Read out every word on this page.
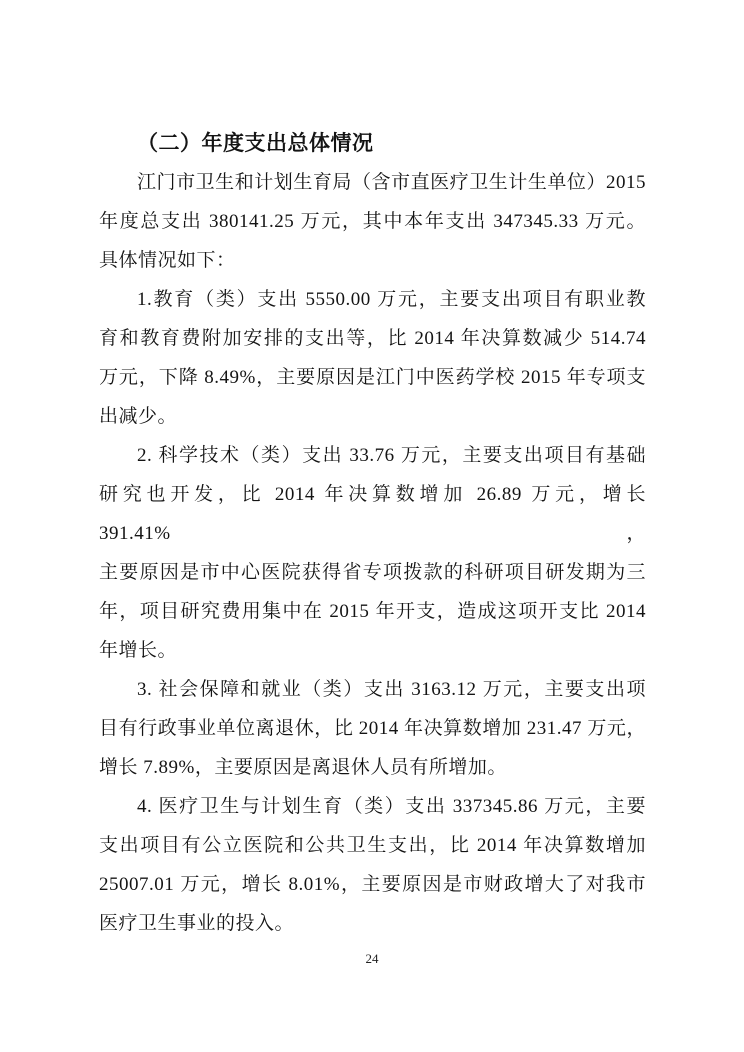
（二）年度支出总体情况
江门市卫生和计划生育局（含市直医疗卫生计生单位）2015
年度总支出 380141.25 万元，其中本年支出 347345.33 万元。
具体情况如下：
1.教育（类）支出 5550.00 万元，主要支出项目有职业教
育和教育费附加安排的支出等，比 2014 年决算数减少 514.74
万元，下降 8.49%，主要原因是江门中医药学校 2015 年专项支
出减少。
2. 科学技术（类）支出 33.76 万元，主要支出项目有基础
研究也开发，比 2014 年决算数增加 26.89 万元，增长 391.41%，
主要原因是市中心医院获得省专项拨款的科研项目研发期为三
年，项目研究费用集中在 2015 年开支，造成这项开支比 2014
年增长。
3. 社会保障和就业（类）支出 3163.12 万元，主要支出项
目有行政事业单位离退休，比 2014 年决算数增加 231.47 万元，
增长 7.89%，主要原因是离退休人员有所增加。
4. 医疗卫生与计划生育（类）支出 337345.86 万元，主要
支出项目有公立医院和公共卫生支出，比 2014 年决算数增加
25007.01 万元，增长 8.01%，主要原因是市财政增大了对我市
医疗卫生事业的投入。
24
